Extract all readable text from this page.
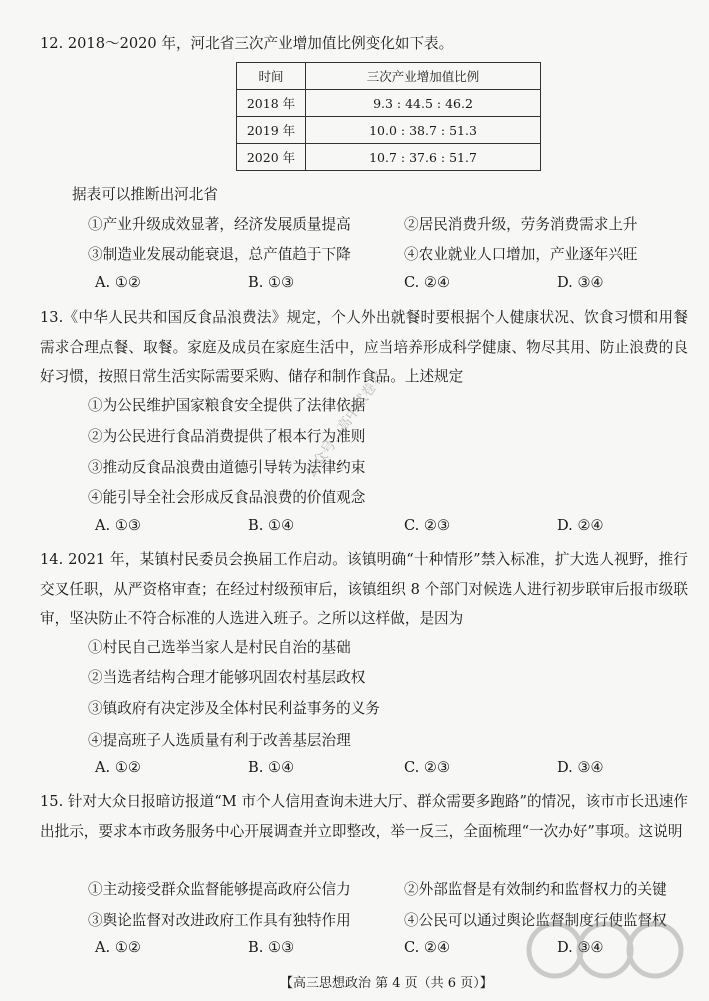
12. 2018～2020 年，河北省三次产业增加值比例变化如下表。
时间	三次产业增加值比例
2018 年	9.3 : 44.5 : 46.2
2019 年	10.0 : 38.7 : 51.3
2020 年	10.7 : 37.6 : 51.7
据表可以推断出河北省
①产业升级成效显著，经济发展质量提高	②居民消费升级，劳务消费需求上升
③制造业发展动能衰退，总产值趋于下降	④农业就业人口增加，产业逐年兴旺
A. ①②	B. ①③	C. ②④	D. ③④
13.《中华人民共和国反食品浪费法》规定，个人外出就餐时要根据个人健康状况、饮食习惯和用餐需求合理点餐、取餐。家庭及成员在家庭生活中，应当培养形成科学健康、物尽其用、防止浪费的良好习惯，按照日常生活实际需要采购、储存和制作食品。上述规定
①为公民维护国家粮食安全提供了法律依据
②为公民进行食品消费提供了根本行为准则
③推动反食品浪费由道德引导转为法律约束
④能引导全社会形成反食品浪费的价值观念
A. ①③	B. ①④	C. ②③	D. ②④
14. 2021 年，某镇村民委员会换届工作启动。该镇明确“十种情形”禁入标准，扩大选人视野，推行交叉任职，从严资格审查；在经过村级预审后，该镇组织 8 个部门对候选人进行初步联审后报市级联审，坚决防止不符合标准的人选进入班子。之所以这样做，是因为
①村民自己选举当家人是村民自治的基础
②当选者结构合理才能够巩固农村基层政权
③镇政府有决定涉及全体村民利益事务的义务
④提高班子人选质量有利于改善基层治理
A. ①②	B. ①④	C. ②③	D. ③④
15. 针对大众日报暗访报道“M 市个人信用查询未进大厅、群众需要多跑路”的情况，该市市长迅速作出批示，要求本市政务服务中心开展调查并立即整改，举一反三，全面梳理“一次办好”事项。这说明
①主动接受群众监督能够提高政府公信力	②外部监督是有效制约和监督权力的关键
③舆论监督对改进政府工作具有独特作用	④公民可以通过舆论监督制度行使监督权
A. ①②	B. ①③	C. ②④	D. ③④
公众号：高中试卷君
【高三思想政治 第 4 页（共 6 页）】
